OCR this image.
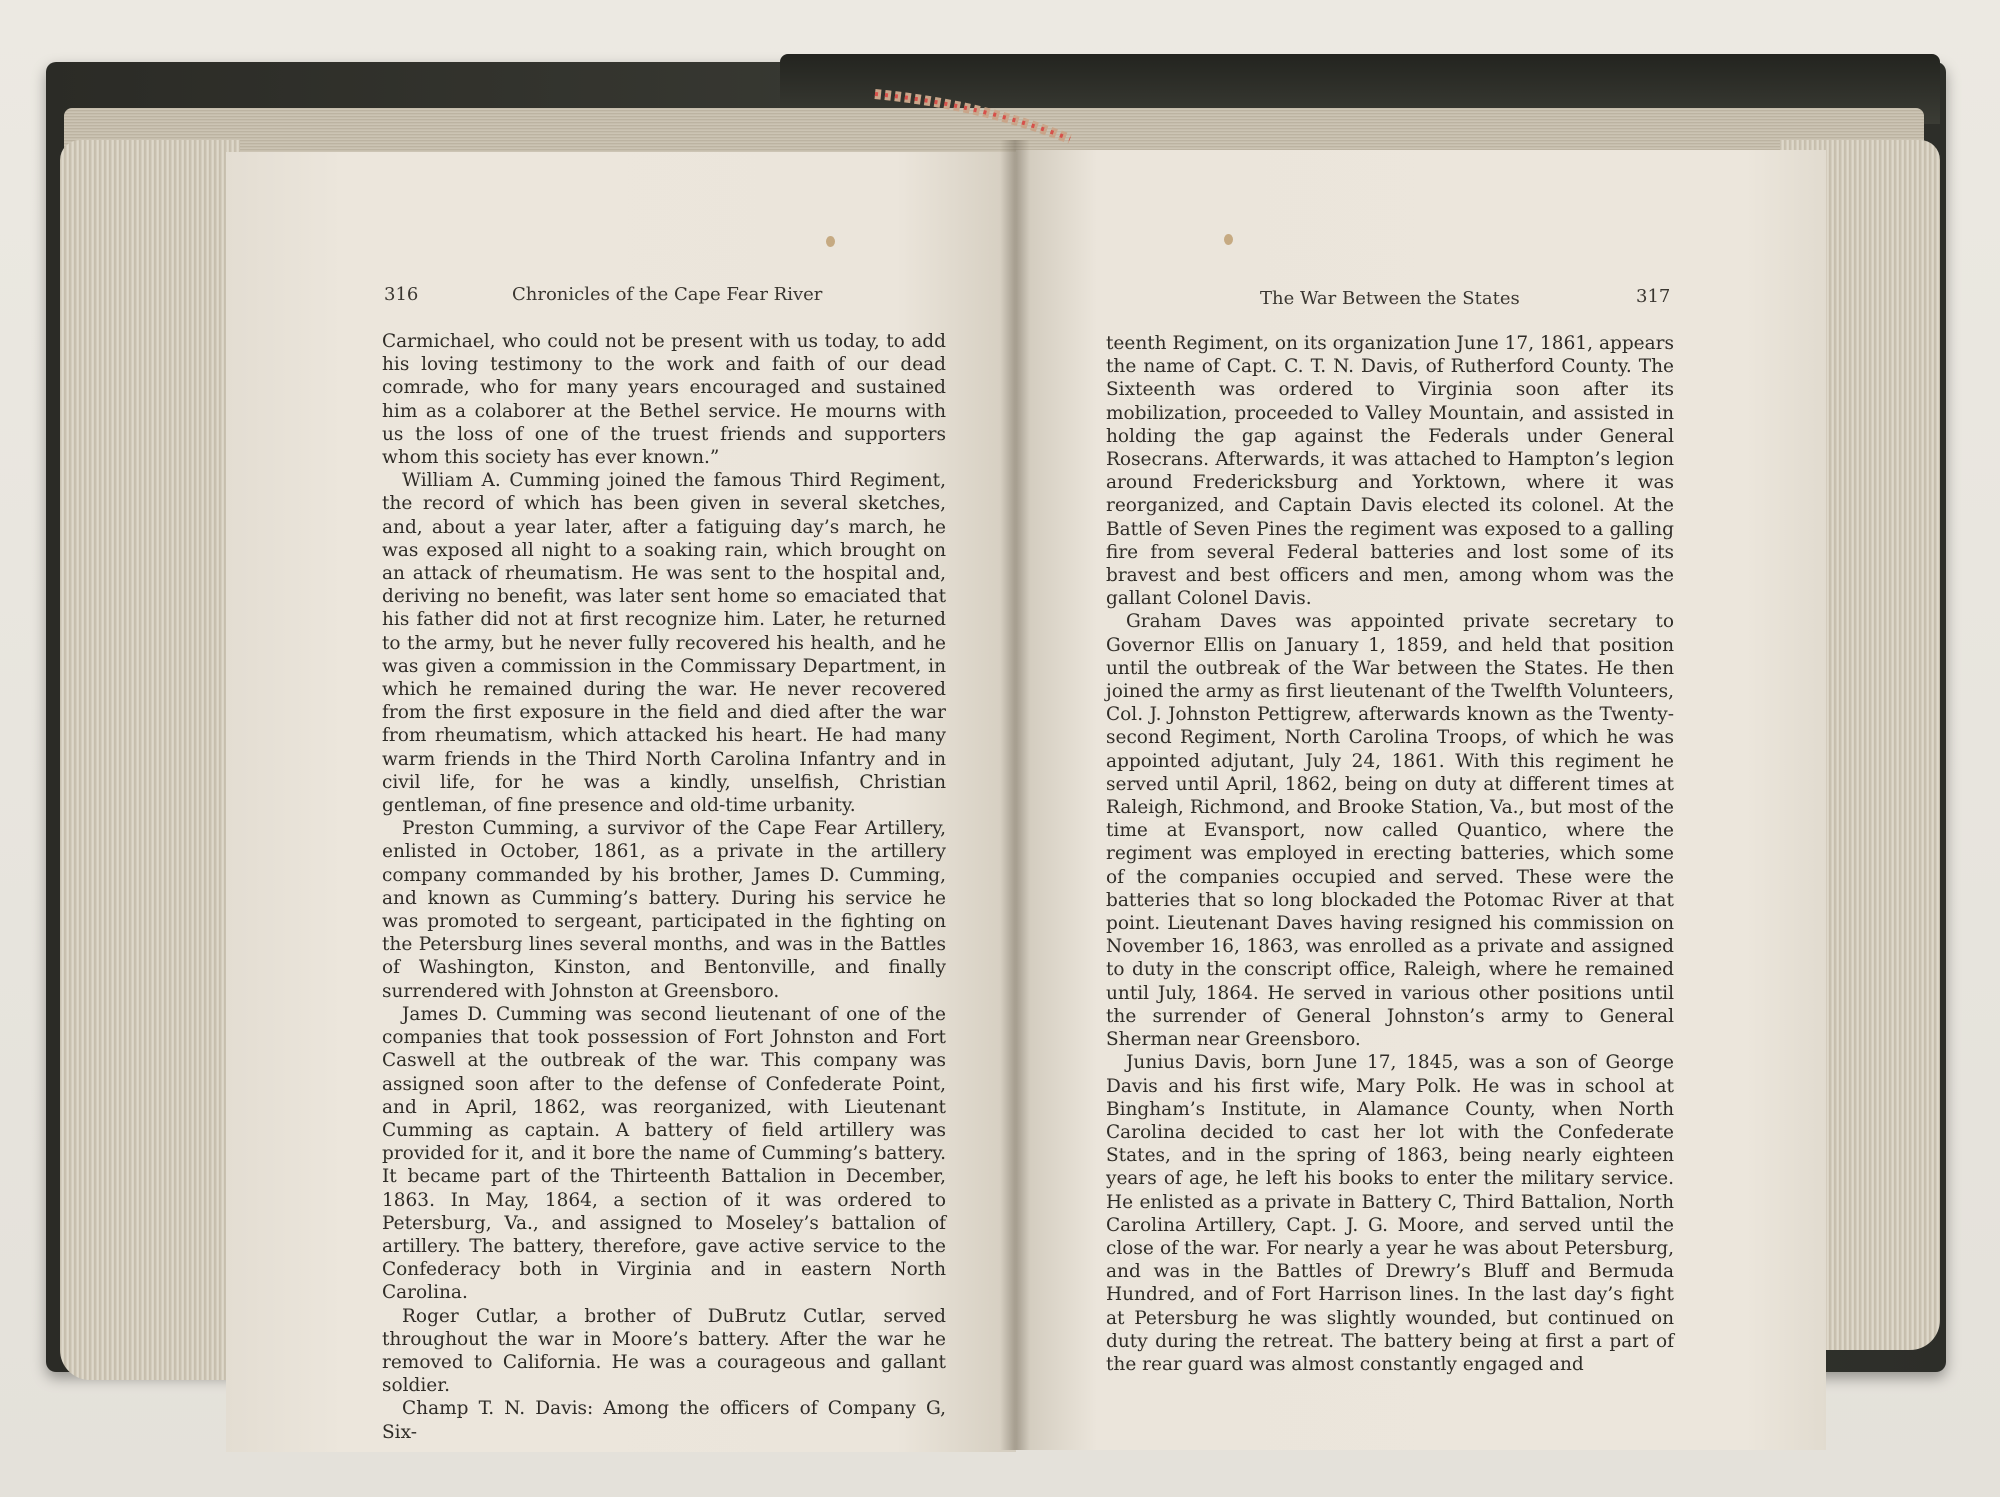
316	Chronicles of the Cape Fear River

Carmichael, who could not be present with us today, to add his loving testimony to the work and faith of our dead comrade, who for many years encouraged and sustained him as a colaborer at the Bethel service. He mourns with us the loss of one of the truest friends and supporters whom this society has ever known.”

William A. Cumming joined the famous Third Regiment, the record of which has been given in several sketches, and, about a year later, after a fatiguing day’s march, he was exposed all night to a soaking rain, which brought on an attack of rheumatism. He was sent to the hospital and, deriving no benefit, was later sent home so emaciated that his father did not at first recognize him. Later, he returned to the army, but he never fully recovered his health, and he was given a commission in the Commissary Department, in which he remained during the war. He never recovered from the first exposure in the field and died after the war from rheumatism, which attacked his heart. He had many warm friends in the Third North Carolina Infantry and in civil life, for he was a kindly, unselfish, Christian gentleman, of fine presence and old-time urbanity.

Preston Cumming, a survivor of the Cape Fear Artillery, enlisted in October, 1861, as a private in the artillery company commanded by his brother, James D. Cumming, and known as Cumming’s battery. During his service he was promoted to sergeant, participated in the fighting on the Petersburg lines several months, and was in the Battles of Washington, Kinston, and Bentonville, and finally surrendered with Johnston at Greensboro.

James D. Cumming was second lieutenant of one of the companies that took possession of Fort Johnston and Fort Caswell at the outbreak of the war. This company was assigned soon after to the defense of Confederate Point, and in April, 1862, was reorganized, with Lieutenant Cumming as captain. A battery of field artillery was provided for it, and it bore the name of Cumming’s battery. It became part of the Thirteenth Battalion in December, 1863. In May, 1864, a section of it was ordered to Petersburg, Va., and assigned to Moseley’s battalion of artillery. The battery, therefore, gave active service to the Confederacy both in Virginia and in eastern North Carolina.

Roger Cutlar, a brother of DuBrutz Cutlar, served throughout the war in Moore’s battery. After the war he removed to California. He was a courageous and gallant soldier.

Champ T. N. Davis: Among the officers of Company G, Six-

The War Between the States	317

teenth Regiment, on its organization June 17, 1861, appears the name of Capt. C. T. N. Davis, of Rutherford County. The Sixteenth was ordered to Virginia soon after its mobilization, proceeded to Valley Mountain, and assisted in holding the gap against the Federals under General Rosecrans. Afterwards, it was attached to Hampton’s legion around Fredericksburg and Yorktown, where it was reorganized, and Captain Davis elected its colonel. At the Battle of Seven Pines the regiment was exposed to a galling fire from several Federal batteries and lost some of its bravest and best officers and men, among whom was the gallant Colonel Davis.

Graham Daves was appointed private secretary to Governor Ellis on January 1, 1859, and held that position until the outbreak of the War between the States. He then joined the army as first lieutenant of the Twelfth Volunteers, Col. J. Johnston Pettigrew, afterwards known as the Twenty-second Regiment, North Carolina Troops, of which he was appointed adjutant, July 24, 1861. With this regiment he served until April, 1862, being on duty at different times at Raleigh, Richmond, and Brooke Station, Va., but most of the time at Evansport, now called Quantico, where the regiment was employed in erecting batteries, which some of the companies occupied and served. These were the batteries that so long blockaded the Potomac River at that point. Lieutenant Daves having resigned his commission on November 16, 1863, was enrolled as a private and assigned to duty in the conscript office, Raleigh, where he remained until July, 1864. He served in various other positions until the surrender of General Johnston’s army to General Sherman near Greensboro.

Junius Davis, born June 17, 1845, was a son of George Davis and his first wife, Mary Polk. He was in school at Bingham’s Institute, in Alamance County, when North Carolina decided to cast her lot with the Confederate States, and in the spring of 1863, being nearly eighteen years of age, he left his books to enter the military service. He enlisted as a private in Battery C, Third Battalion, North Carolina Artillery, Capt. J. G. Moore, and served until the close of the war. For nearly a year he was about Petersburg, and was in the Battles of Drewry’s Bluff and Bermuda Hundred, and of Fort Harrison lines. In the last day’s fight at Petersburg he was slightly wounded, but continued on duty during the retreat. The battery being at first a part of the rear guard was almost constantly engaged and
